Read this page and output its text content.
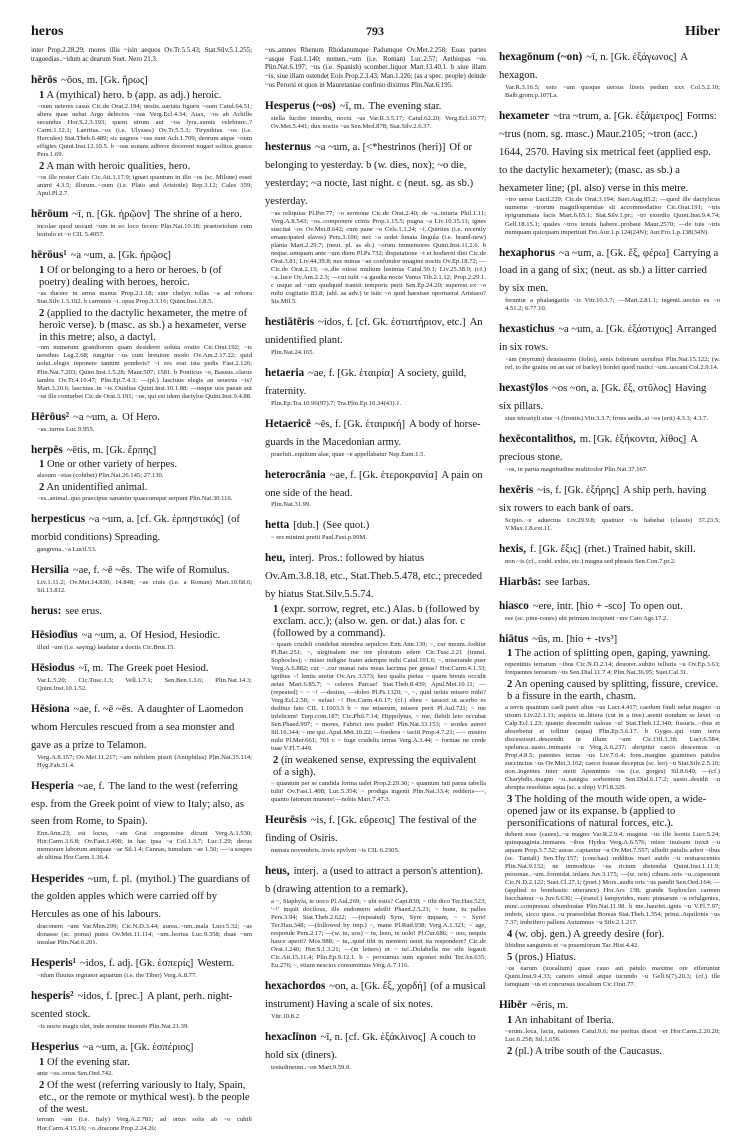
heros	793	Hiber
inter Prop.2.28.29; mores illis ~isin aequos Ov.Tr.5.5.43; Stat.Silv.5.1.255; tragoedias..~idum ac dearum Suet. Nero 21.3.
hērōs ~ōos, m. [Gk. ἥρως]
1 A (mythical) hero. b (app. as adj.) heroic.
~oum ueteres casus Cic.de Orat.2.194; uestis..uariata figuris ~oum Catul.64.51; altera quae uehat Argo delectos ~oas Verg.Ecl.4.34; Aiax, ~os ab Achille secundus Hor.S.2.3.193; quem uirum aut ~oa lyra..sumis celebrare..? Carm.1.12.1; Laertius..~os (i.e. Ulysses) Ov.Tr.5.5.3; Tirynthius ~os (i.e. Hercules) Stat.Theb.6.489; sic uagnos ~oas eunt Ach.1.709; deorum atque ~oum effigies Quint.Inst.12.10.5. b ~oas sonans adferre docerent nugari solitos graece Pers.1.69.
2 A man with heroic qualities, hero.
~os ille noster Cato Cic.Att.1.17.9; ignari quantum in illo ~os (sc. Milone) esset animi 4.3.5; illorum..~oum (i.e. Plato and Aristotle) Rep.3.12; Cales 359; Apul.Pl.2.7.
hērōum ~ī, n. [Gk. ἡρῷον] The shrine of a hero.
incolae quod uocant ~um in eo loco fecere Plin.Nat.10.18; praetoriolum cum hortulo et ~o CIL 5.4057.
hērōus¹ ~a ~um, a. [Gk. ἡρῷος]
1 Of or belonging to a hero or heroes. b (of poetry) dealing with heroes, heroic.
~as ducere in arma manus Prop.2.1.18; sine chelyn tollas ~a ad robora Stat.Silv.1.3.102. b carminis ~i..opus Prop.3.3.16; Quint.Inst.1.8.5.
2 (applied to the dactylic hexameter, the metre of heroic verse). b (masc. as sb.) a hexameter, verse in this metre; also, a dactyl.
~um numerum grandiorem quam desideret soluta oratio Cic.Orat.192; ~is uersibus Leg.2.68; iungitur ~us cum breuiore modo Ov.Am.2.17.22; quid uolui..elegis inponere tantum ponderis? ~i res erat ista pedis Fast.2.126; Plin.Nat.7.203; Quint.Inst.1.5.28; Maur.507; 1581. b Ponticus ~o, Bassus..clarus iambis Ov.Tr.4.10.47; Plin.Ep.7.4.3; —(pl.) lasciuus elegis an seuerus ~is? Mart.3.20.6; lasciuus..in ~is..Ouidius Quint.Inst.10.1.88; —neque uos paean aut ~us ille conturbet Cic.de Orat.3.191; ~us, qui est idem dactylus Quint.Inst.9.4.88.
Hērōus² ~a ~um, a. Of Hero.
~as..turres Luc.9.955.
herpēs ~ētis, m. [Gk. ἕρπης]
1 One or other variety of herpes.
alsoum ~etas (cohibet) Plin.Nat.26.145; 27.130.
2 An unidentified animal.
~es..animal..quo praecipue sanantur quaecumque serpunt Plin.Nat.30.116.
herpesticus ~a ~um, a. [cf. Gk. ἑρπηστικός] (of morbid conditions) Spreading.
gangrena..~a Lucil.53.
Hersilia ~ae, f. ~ē ~ēs. The wife of Romulus.
Liv.1.11.2; Ov.Met.14.830; 14.848; ~ae ciuis (i.e. a Roman) Mart.10.68.6; Sil.13.812.
herus: see erus.
Hēsiodīus ~a ~um, a. Of Hesiod, Hesiodic.
illud ~um (i.e. saying) laudatur a doctis Cic.Brut.15.
Hēsiodus ~ī, m. The Greek poet Hesiod.
Var.L.5.20; Cic.Tusc.1.3; Vell.1.7.1; Sen.Ben.1.3.6; Plin.Nat.14.3; Quint.Inst.10.1.52.
Hēsiona ~ae, f. ~ē ~ēs. A daughter of Laomedon whom Hercules rescued from a sea monster and gave as a prize to Telamon.
Verg.A.8.157; Ov.Met.11.217; ~am nobilem pisuit (Antiphilus) Plin.Nat.35.114; Hyg.Fab.31.4.
Hesperia ~ae, f. The land to the west (referring esp. from the Greek point of view to Italy; also, as seen from Rome, to Spain).
Enn.Ann.23; est locus, ~am Grai cognomine dicunt Verg.A.1.530; Hor.Carm.3.6.8; Ov.Fast.1.498; in hac ipsa ~a Col.1.3.7; Luc.1.29; decus memorare laborum antiquae ~ae Sil.1.4; Cannas, tumulum ~ae 1.50; —~a sospes ab ultima Hor.Carm.1.36.4.
Hesperides ~um, f. pl. (mythol.) The guardians of the golden apples which were carried off by Hercules as one of his labours.
draconem ~um Var.Men.299; Cic.N.D.3.44; aurea..~um..mala Lucr.5.32; ~as donasse (sc. poma) putes Ov.Met.11.114; ~um..hortus Luc.9.358; duae ~um insulae Plin.Nat.6.201.
Hesperis¹ ~idos, f. adj. [Gk. ἑσπερίς] Western.
~idum fluuius regnator aquarum (i.e. the Tiber) Verg.A.8.77.
hesperis² ~idos, f. [prec.] A plant, perh. night-scented stock.
~is nocte magis olet, inde nomine inuento Plin.Nat.21.39.
Hesperius ~a ~um, a. [Gk. ἑσπέριος]
1 Of the evening star.
ante ~os..ortus Sen.Oed.742.
2 Of the west (referring variously to Italy, Spain, etc., or the remote or mythical west). b the people of the west.
terram ~am (i.e. Italy) Verg.A.2.781; ad ortus solis ab ~o cubili Hor.Carm.4.15.16; ~o..dracone Prop.2.24.26;
~os..amnes Rhenum Rhodanumque Padumque Ov.Met.2.258; Eoas partes ~asque Fast.1.140; nomen..~um (i.e. Roman) Luc.2.57; Aethiopas ~os Plin.Nat.6.197; ~us (i.e. Spanish) scomber..liquor Mart.13.40.1. b siue illam ~is, siue illam ostendet Eois Prop.2.3.43; Man.1.226; (as a spec. people) deinde ~os Perorsi et quos in Mauretaniae confinio diximus Plin.Nat.6.195.
Hesperus (~os) ~ī, m. The evening star.
stella lucifer interdiu, noctu ~us Var.R.3.5.17; Catul.62.20; Verg.Ecl.10.77; Ov.Met.5.441; dux noctis ~us Sen.Med.878; Stat.Silv.2.6.37.
hesternus ~a ~um, a. [<*hestrinos (heri)] Of or belonging to yesterday. b (w. dies, nox); ~o die, yesterday; ~a nocte, last night. c (neut. sg. as sb.) yesterday.
~as reliquias Pl.Per.77; ~o sermone Cic.de Orat.2.40; de ~a..iniuria Phil.1.11; Verg.A.8.543; ~os..componere crinis Prop.1.15.5; pugna ~a Liv.10.35.11; ignes suscitat ~os Ov.Met.8.642; cum pane ~o Cels.1.3.24; ~i..Quirites (i.e. recently emancipated slaves) Pers.3.106; nec ~a sedet lunata lingula (i.e. brand-new) planta Mart.2.29.7; (neut. pl. as sb.) ~orum immemores Quint.Inst.11.2.6. b neque..umquam ante ~um diem Pl.Ps.732; disputatione ~i et hodierni diei Cic.de Orat.3.81; Liv.44.39.8; nec minus ~ae confundor imagine noctis Ov.Ep.18.72; —Cic.de Orat.2.13; ~o..die otiosi multum lusimus Catul.50.1; Liv.25.38.9; (cf.) ~a..luce Ov.Am.2.2.3; —cui tulit ~a gaudia nocte Venus Tib.2.1.12; Prop.2.29.1. c usque ad ~um quidquid transit temporis perit Sen.Ep.24.20; superest ex ~o mihi cogitatio 83.8; (abl. as adv.) te istic ~o quid haesisse oportuerat Aristaeo? Sis.Mil.5.
hestiātēris ~idos, f. [cf. Gk. ἑστιατήριον, etc.] An unidentified plant.
Plin.Nat.24.165.
hetaeria ~ae, f. [Gk. ἑταιρία] A society, guild, fraternity.
Plin.Ep.Tra.10.96(97).7; Tra.Plin.Ep.10.34(43).1.
Hetaericē ~ēs, f. [Gk. ἑταιρική] A body of horse-guards in the Macedonian army.
praefuit..equitum alae, quae ~e appellabatur Nep.Eum.1.5.
heterocrānia ~ae, f. [Gk. ἑτεροκρανία] A pain on one side of the head.
Plin.Nat.31.99.
hetta [dub.] (See quot.)
~ res minimi pretii Paul.Fest.p.99M.
heu, interj. Pros.: followed by hiatus Ov.Am.3.8.18, etc., Stat.Theb.5.478, etc.; preceded by hiatus Stat.Silv.5.5.74.
1 (expr. sorrow, regret, etc.) Alas. b (followed by exclam. acc.); (also w. gen. or dat.) alas for. c (followed by a command).
~ quam crudeli condebat membra sepulcro Enn.Ann.139; ~, cur meum..foditur Pl.Bac.251; ~, uirginalem me ore ploratum edere Cic.Tusc.2.21 (transl. Sophocles); ~ miser indigne frater adempte mihi Catul.101.6; ~, miserande puer Verg.A.6.882; cur ~..cur manat rara meas lacrima per genas? Hor.Carm.4.1.33; ignibus ~! lentis uretur Ov.Ars 3.573; heu qualis pietas ~ quam breuis occidit aetas Mart.6.85.7; ~ celeres Parcae! Stat.Theb.8.439; Apul.Met.10.11; —(repeated) ~ ~ ~! —desino, —doleo Pl.Ps.1320; ~, ~, quid uobis misero mihi? Verg.Ecl.2.58; ~ nefas! ~! Hor.Carm.4.6.17; (cf.) eheu ~ taracei ut acerbo es deditus fato CIL 1.1603.3 b ~ me miserum, misere perii Pl.Aul.721; ~ me infelicem! Turp.com.187; Cic.Phil.7.14; Hippolytus, ~ me, flebili leto occubat Sen.Phaed.997; ~ mores, Fabrici nos pudet! Plin.Nat.33.153; ~ sordes aureri Sil.16.344; ~ me qui..Apul.Met.10.22; —foedera ~ taciti Prop.4.7.21; —~ misero mihi Pl.Mer.661; 701 c ~ fuge crudelis terras Verg.A.3.44; ~ formae ne crede tuae V.Fl.7.449.
2 (in weakened sense, expressing the equivalent of a sigh).
~ quantum per se candida forma ualet Prop.2.29.30; ~ quantum fati parua tabella tulit! Ov.Fast.1.408; Luc.5.354; ~ prodiga ingenii Plin.Nat.33.4; redderis—~, quanto fatorum munere!—nobis Mart.7.47.3.
Heurēsis ~is, f. [Gk. εὕρεσις] The festival of the finding of Osiris.
mensis novembris..iovis epvlvm ~is CIL 6.2305.
heus, interj. a (used to attract a person's attention). b (drawing attention to a remark).
a ~, Staphyla, te uoco Pl.Aul.269; ~ ubi estis? Capt.830; ~ tibi dico Ter.Hau.523; '~!' inquit docilous, ille endomero adsilit Phaed.2.5.21; ~ bone, tu palles Pers.3.94; Stat.Theb.2.622; —(repeated) Syre, Syre inquam, ~ ~ Syre! Ter.Hau.348; —(followed by imp.) ~, mane Pl.Rud.938; Verg.A.1.321; ~ age, responde Pers.2.17; —(w. tu, uos) ~ tu, leno, te uolo! Pl.Cur.686; ~ uos, nequis hasce aperit? Mos.988; ~ tu,..quid tibi in mentem uenit ita respondere? Cic.de Orat.1.240; Hor.S.1.3.21; —(in letters) et ~ tu!..Dolabella me sibi legauit Cic.Att.15.11.4; Plin.Ep.9.12.1. b ~ proxumus sum egomet mihi Ter.An.635; Eu.276; ~, etiam nescios consumimus Verg.A.7.116.
hexachordos ~on, a. [Gk. ἕξ, χορδή] (of a musical instrument) Having a scale of six notes.
Vitr.10.8.2.
hexaclīnon ~ī, n. [cf. Gk. ἑξάκλινος] A couch to hold six (diners).
testudineum..~on Mart.9.59.9.
hexagōnum (~on) ~ī, n. [Gk. ἑξάγωνος] A hexagon.
Var.R.3.16.5; esto ~um quoque uersus lineis pedum xxx Col.5.2.10; Balb.grom.p.107La.
hexameter ~tra ~trum, a. [Gk. ἑξάμετρος] Forms: ~trus (nom. sg. masc.) Maur.2105; ~tron (acc.) 1644, 2570. Having six metrical feet (applied esp. to the dactylic hexameter); (masc. as sb.) a hexameter line; (pl. also) verse in this metre.
~tro uersu Lucil.229; Cic.de Orat.3.194; Suet.Aug.85.2; —quod ille dactylicus numerus ~trorum magniloquentiae sit accommodatior Cic.Orat.191; ~tris epigrammata facis Mart.6.65.1; Stat.Silv.1.pr.; ~tri exordio Quint.Inst.9.4.74; Gell.18.15.1; quales ~tros tenuis habere..probaui Maur.2570; —de tuis ~tris numquam quicquam impertiuit Fro.Aur.1.p.124(24N); Aur.Fro.1.p.138(34N).
hexaphorus ~a ~um, a. [Gk. ἕξ, φέρω] Carrying a load in a gang of six; (neut. as sb.) a litter carried by six men.
feruntur a phalangariis ~is Vitr.10.3.7; —Mart.2.81.1; ingenti..uectus es ~o 4.51.2; 6.77.10.
hexastichus ~a ~um, a. [Gk. ἑξάστιχος] Arranged in six rows.
~am (myrtum) densissimo (folio), senis foliorum uersibus Plin.Nat.15.122; (w. ref. to the grains on an ear of barley) hordei quod rustici ~um..uocant Col.2.9.14.
hexastȳlos ~os ~on, a. [Gk. ἕξ, στῦλος] Having six pillars.
siue tetrastyli siue ~i (frontis) Vitr.3.3.7; frons aedis..si ~os (erit) 4.3.3; 4.3.7.
hexēcontalithos, m. [Gk. ἑξήκοντα, λίθος] A precious stone.
~os, in parua magnitudine multicolor Plin.Nat.37.167.
hexēris ~is, f. [Gk. ἑξήρης] A ship perh. having six rowers to each bank of oars.
Scipio..~e aduectus Liv.29.9.8; quattuor ~is habebat (classis) 37.23.5; V.Max.1.8.ext.11.
hexis, f. [Gk. ἕξις] (rhet.) Trained habit, skill.
non ~is (cf., codd. exhis, etc.) magna sed phrasis Sen.Con.7.pr.2.
Hiarbās: see Iarbas.
hiasco ~ere, intr. [hio + -sco] To open out.
ese (sc. pine-cones) ubi primum incipiunt ~ere Cato Agr.17.2.
hiātus ~ūs, m. [hio + -tvs³]
1 The action of splitting open, gaping, yawning.
repentinis terrarum ~ibus Cic.N.D.2.14; deuorer..subito telluris ~u Ov.Ep.3.63; frequentes terrarum ~us Sen.Dial.11.7.4; Plin.Nat.36.95; Suet.Cal.31.
2 An opening caused by splitting, fissure, crevice. b a fissure in the earth, chasm.
a terris quantum caeli patet altus ~us Lucr.4.417; caedum findi uelut magno ~u uisum Liv.22.1.11; aspicis ut..littera (cut in a tree)..arenti nondum se laxet ~u Calp.Ecl.1.23; quanto descendit ualous ~u! Stat.Theb.12.340; fissuris..~ibus et absorbetur et tollitur (aqua) Plin.Ep.5.6.17. b Gyges..qui cum terra discessisset..descendit in illum ~um Cic.Off.3.38; Lucr.6.584; spelunca..uasto..immanis ~u Verg.A.6.237; abripitur caeco descensus ~u Prop.4.8.5; patentes terrae ~us Liv.7.6.4; fons..margine gramineo patulos succinctus ~us Ov.Met.3.162; caeco foueae deceptus (sc. leo) ~u Stat.Silv.2.5.10; non..ingentes inter stetit Apenninus ~us (i.e. gorges) Sil.8.649; —(cf.) Charybdis..magno ~u..nauigia sorbentem Sen.Dial.6.17.2; uasto..desidit ~u abrupta reuolutus aqua (sc. a ship) V.Fl.8.329.
3 The holding of the mouth wide open, a wide-opened jaw or its expanse. b (applied to personifications of natural forces, etc.).
debent esse (canes)..~u magno Var.R.2.9.4; magnus ~us ille leonis Lucr.5.24; quinquaginta..immanis ~ibus Hydra Verg.A.6.576; miser inuisam traxit ~u aquam Prop.3.7.52; aurae..captantur ~u Ov.Met.7.557; alludit patulis arbor ~ibus (sc. Tantali) Sen.Thy.157; (conchas) redditus mari auido ~u reuiuescentes Plin.Nat.9.132; ne immodicus ~us rictum distendat Quint.Inst.1.11.9; personae..~um..formidat..infans Juv.3.175; —(w. oris) cibum..oris ~u..capessunt Cic.N.D.2.122; Suet.Cl.27.1; (poet.) Mors..audis oris ~us pandit Sen.Oed.164; —(applied to bombastic utterance) Hor.Ars 138; grande Sophocleo carmen bacchamur ~u Juv.6.636; —(transf.) lampyrides, nunc pinnarum ~u refulgentes, nunc..compressu obumbratae Plin.Nat.11.98. b me..hauriet..ignis ~u V.Fl.7.97; imbris, sicco quos..~u praesolidat Boreas Stat.Theb.1.354; primi..Aquilonis ~us 7.37; imbrifero pallens Autumnus ~u Silv.2.1.217.
4 (w. obj. gen.) A greedy desire (for).
libidine sanguinis et ~u praemiorum Tac.Hist.4.42.
5 (pros.) Hiatus.
~us earum (uocalium) quae cauo aut patulo maxime ore efferuntur Quint.Inst.9.4.33; canoro simul atque iucundo ~u Gell.6(7).20.3; (cf.) ille tamquam ~us et concursus uocalium Cic.Orat.77.
Hibēr ~ēris, m.
1 An inhabitant of Iberia.
~erum..loca, facta, nationes Catul.9.6; me peritus discet ~er Hor.Carm.2.20.20; Luc.6.258; Sil.1.656.
2 (pl.) A tribe south of the Caucasus.
